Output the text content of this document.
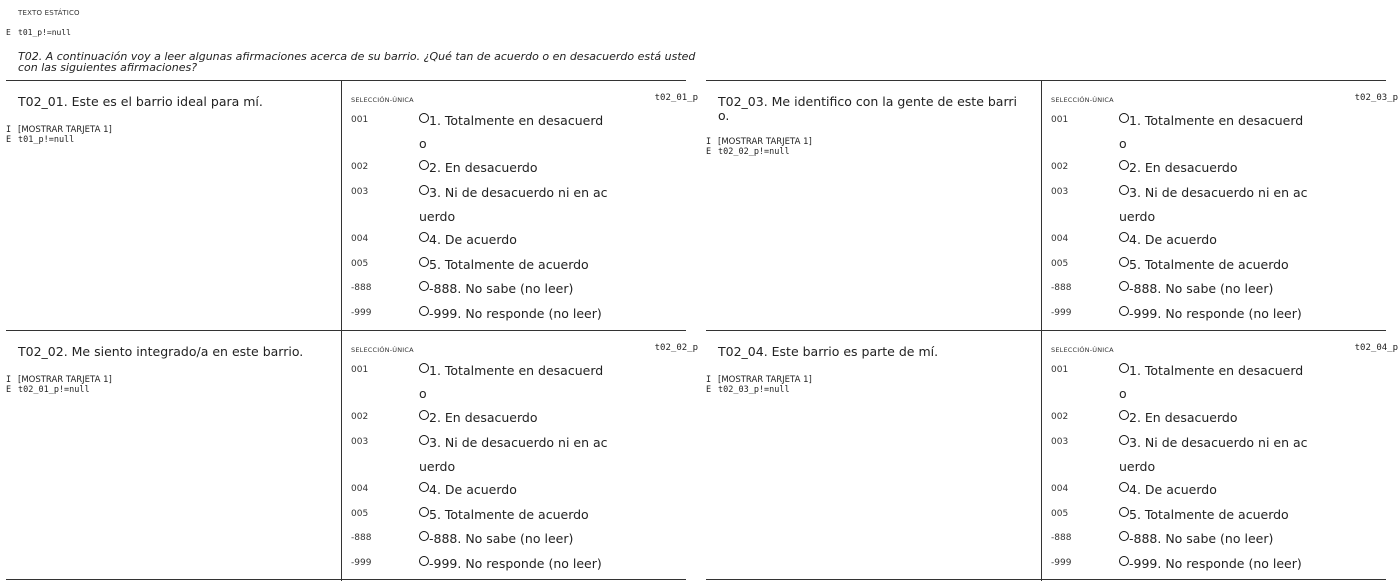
TEXTO ESTÁTICO
E t01_p!=null
T02. A continuación voy a leer algunas afirmaciones acerca de su barrio. ¿Qué tan de acuerdo o en desacuerdo está usted con las siguientes afirmaciones?
T02_01. Este es el barrio ideal para mí.

I [MOSTRAR TARJETA 1]
E t01_p!=null
SELECCIÓN-ÚNICA	t02_01_p
001	1. Totalmente en desacuerd
o
002	2. En desacuerdo
003	3. Ni de desacuerdo ni en ac
uerdo
004	4. De acuerdo
005	5. Totalmente de acuerdo
-888	-888. No sabe (no leer)
-999	-999. No responde (no leer)
T02_03. Me identifico con la gente de este barri
o.
I [MOSTRAR TARJETA 1]
E t02_02_p!=null
SELECCIÓN-ÚNICA	t02_03_p
001	1. Totalmente en desacuerd
o
002	2. En desacuerdo
003	3. Ni de desacuerdo ni en ac
uerdo
004	4. De acuerdo
005	5. Totalmente de acuerdo
-888	-888. No sabe (no leer)
-999	-999. No responde (no leer)
T02_02. Me siento integrado/a en este barrio.

I [MOSTRAR TARJETA 1]
E t02_01_p!=null
SELECCIÓN-ÚNICA	t02_02_p
001	1. Totalmente en desacuerd
o
002	2. En desacuerdo
003	3. Ni de desacuerdo ni en ac
uerdo
004	4. De acuerdo
005	5. Totalmente de acuerdo
-888	-888. No sabe (no leer)
-999	-999. No responde (no leer)
T02_04. Este barrio es parte de mí.

I [MOSTRAR TARJETA 1]
E t02_03_p!=null
SELECCIÓN-ÚNICA	t02_04_p
001	1. Totalmente en desacuerd
o
002	2. En desacuerdo
003	3. Ni de desacuerdo ni en ac
uerdo
004	4. De acuerdo
005	5. Totalmente de acuerdo
-888	-888. No sabe (no leer)
-999	-999. No responde (no leer)
